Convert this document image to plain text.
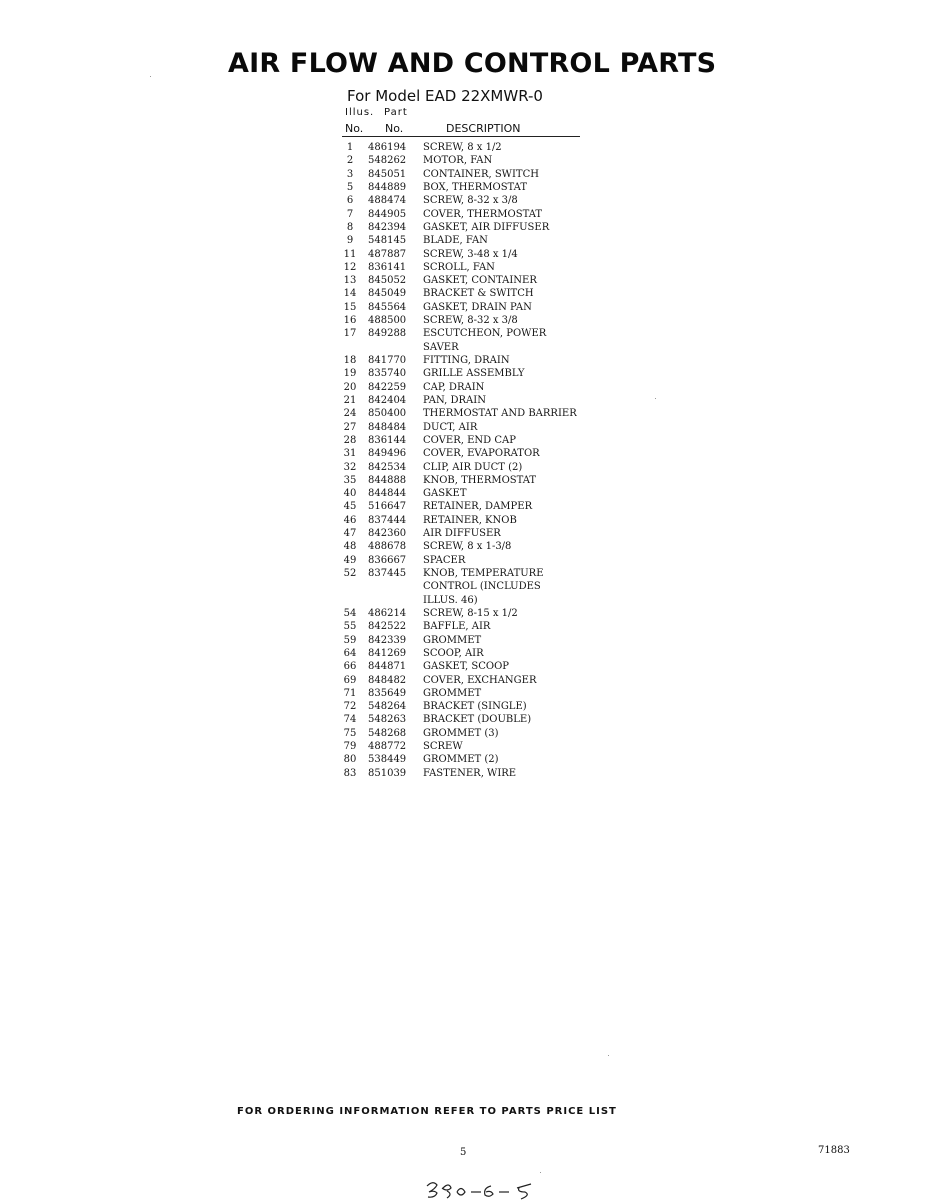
AIR FLOW AND CONTROL PARTS
For Model EAD 22XMWR-0
Illus. Part
No. No.	DESCRIPTION
1	486194	SCREW, 8 x 1/2
2	548262	MOTOR, FAN
3	845051	CONTAINER, SWITCH
5	844889	BOX, THERMOSTAT
6	488474	SCREW, 8-32 x 3/8
7	844905	COVER, THERMOSTAT
8	842394	GASKET, AIR DIFFUSER
9	548145	BLADE, FAN
11	487887	SCREW, 3-48 x 1/4
12	836141	SCROLL, FAN
13	845052	GASKET, CONTAINER
14	845049	BRACKET & SWITCH
15	845564	GASKET, DRAIN PAN
16	488500	SCREW, 8-32 x 3/8
17	849288	ESCUTCHEON, POWER
SAVER
18	841770	FITTING, DRAIN
19	835740	GRILLE ASSEMBLY
20	842259	CAP, DRAIN
21	842404	PAN, DRAIN
24	850400	THERMOSTAT AND BARRIER
27	848484	DUCT, AIR
28	836144	COVER, END CAP
31	849496	COVER, EVAPORATOR
32	842534	CLIP, AIR DUCT (2)
35	844888	KNOB, THERMOSTAT
40	844844	GASKET
45	516647	RETAINER, DAMPER
46	837444	RETAINER, KNOB
47	842360	AIR DIFFUSER
48	488678	SCREW, 8 x 1-3/8
49	836667	SPACER
52	837445	KNOB, TEMPERATURE
CONTROL (INCLUDES
ILLUS. 46)
54	486214	SCREW, 8-15 x 1/2
55	842522	BAFFLE, AIR
59	842339	GROMMET
64	841269	SCOOP, AIR
66	844871	GASKET, SCOOP
69	848482	COVER, EXCHANGER
71	835649	GROMMET
72	548264	BRACKET (SINGLE)
74	548263	BRACKET (DOUBLE)
75	548268	GROMMET (3)
79	488772	SCREW
80	538449	GROMMET (2)
83	851039	FASTENER, WIRE
FOR ORDERING INFORMATION REFER TO PARTS PRICE LIST
5	71883
